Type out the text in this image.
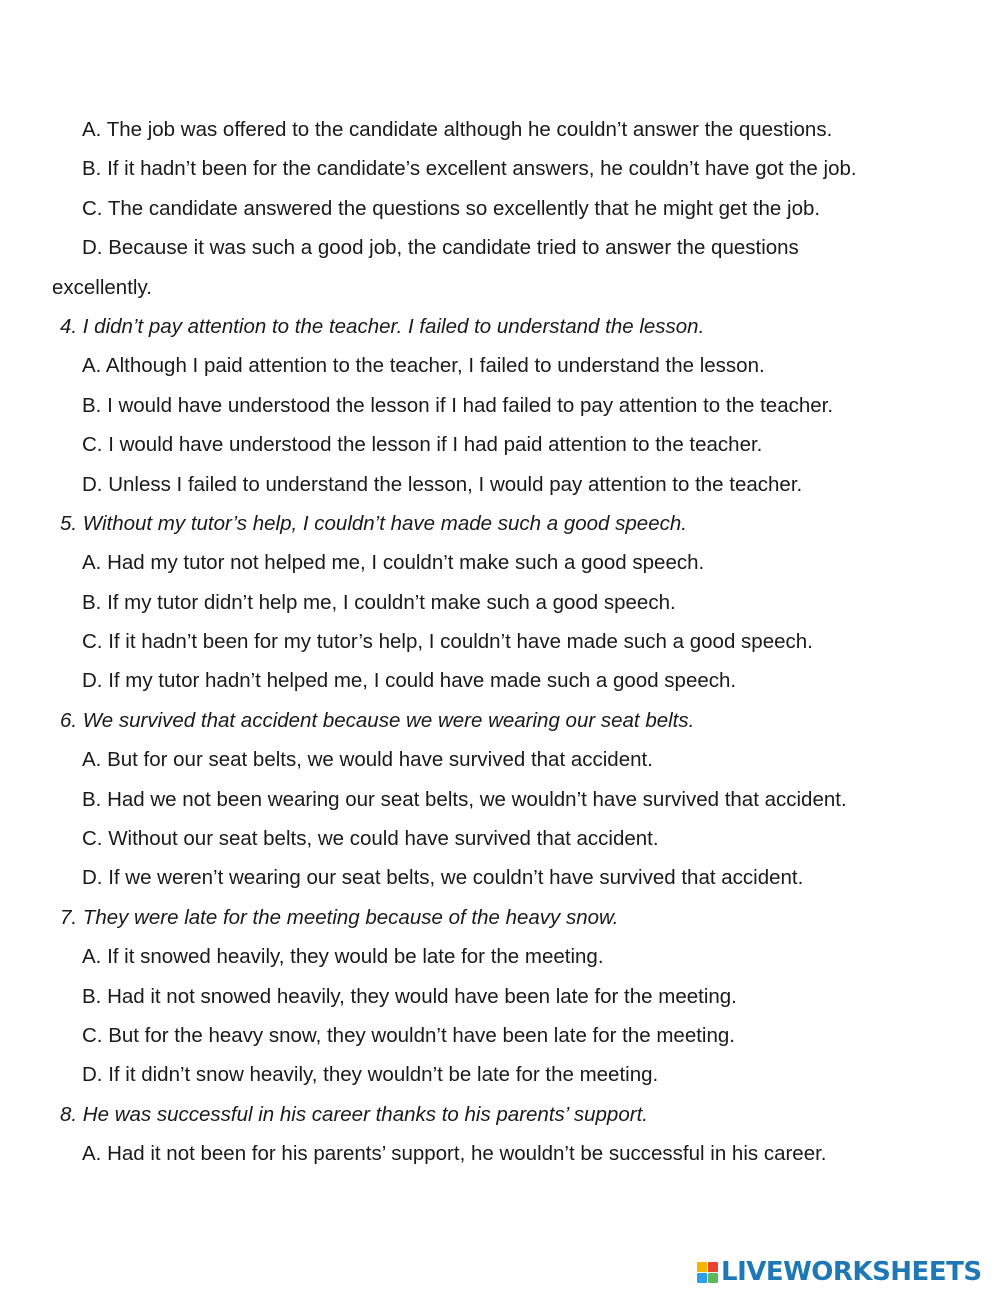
A. The job was offered to the candidate although he couldn’t answer the questions.

B. If it hadn’t been for the candidate’s excellent answers, he couldn’t have got the job.

C. The candidate answered the questions so excellently that he might get the job.

D. Because it was such a good job, the candidate tried to answer the questions

excellently.

4. I didn’t pay attention to the teacher. I failed to understand the lesson.

A. Although I paid attention to the teacher, I failed to understand the lesson.

B. I would have understood the lesson if I had failed to pay attention to the teacher.

C. I would have understood the lesson if I had paid attention to the teacher.

D. Unless I failed to understand the lesson, I would pay attention to the teacher.

5. Without my tutor’s help, I couldn’t have made such a good speech.

A. Had my tutor not helped me, I couldn’t make such a good speech.

B. If my tutor didn’t help me, I couldn’t make such a good speech.

C. If it hadn’t been for my tutor’s help, I couldn’t have made such a good speech.

D. If my tutor hadn’t helped me, I could have made such a good speech.

6. We survived that accident because we were wearing our seat belts.

A. But for our seat belts, we would have survived that accident.

B. Had we not been wearing our seat belts, we wouldn’t have survived that accident.

C. Without our seat belts, we could have survived that accident.

D. If we weren’t wearing our seat belts, we couldn’t have survived that accident.

7. They were late for the meeting because of the heavy snow.

A. If it snowed heavily, they would be late for the meeting.

B. Had it not snowed heavily, they would have been late for the meeting.

C. But for the heavy snow, they wouldn’t have been late for the meeting.

D. If it didn’t snow heavily, they wouldn’t be late for the meeting.

8. He was successful in his career thanks to his parents’ support.

A. Had it not been for his parents’ support, he wouldn’t be successful in his career.

LIVEWORKSHEETS
